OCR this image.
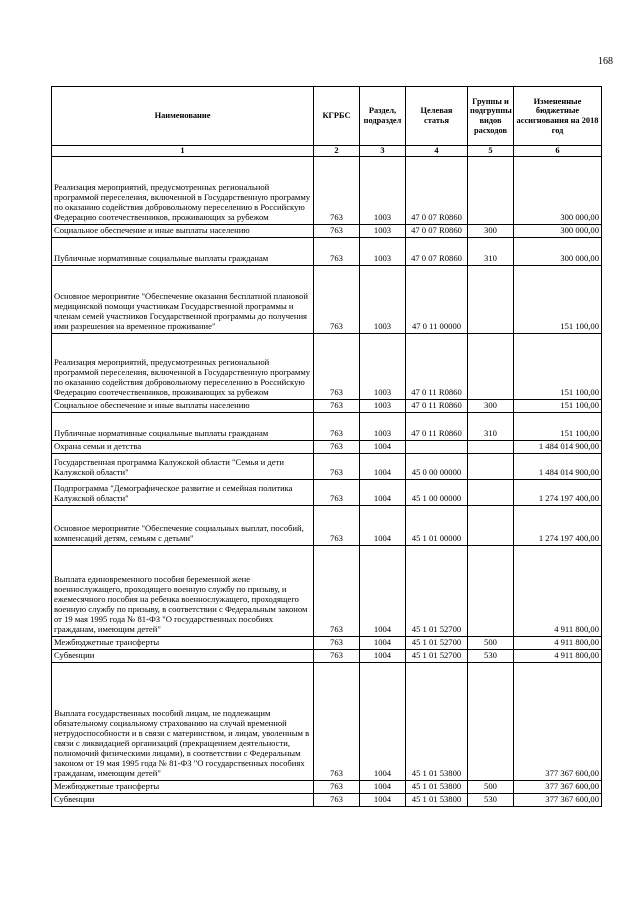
168
Наименование	КГРБС	Раздел, подраздел	Целевая статья	Группы и подгруппы видов расходов	Измененные бюджетные ассигнования на 2018 год
1	2	3	4	5	6
Реализация мероприятий, предусмотренных региональной программой переселения, включенной в Государственную программу по оказанию содействия добровольному переселению в Российскую Федерацию соотечественников, проживающих за рубежом	763	1003	47 0 07 R0860		300 000,00
Социальное обеспечение и иные выплаты населению	763	1003	47 0 07 R0860	300	300 000,00
Публичные нормативные социальные выплаты гражданам	763	1003	47 0 07 R0860	310	300 000,00
Основное мероприятие "Обеспечение оказания бесплатной плановой медицинской помощи участникам Государственной программы и членам семей участников Государственной программы до получения ими разрешения на временное проживание"	763	1003	47 0 11 00000		151 100,00
Реализация мероприятий, предусмотренных региональной программой переселения, включенной в Государственную программу по оказанию содействия добровольному переселению в Российскую Федерацию соотечественников, проживающих за рубежом	763	1003	47 0 11 R0860		151 100,00
Социальное обеспечение и иные выплаты населению	763	1003	47 0 11 R0860	300	151 100,00
Публичные нормативные социальные выплаты гражданам	763	1003	47 0 11 R0860	310	151 100,00
Охрана семьи и детства	763	1004			1 484 014 900,00
Государственная программа Калужской области "Семья и дети Калужской области"	763	1004	45 0 00 00000		1 484 014 900,00
Подпрограмма "Демографическое развитие и семейная политика Калужской области"	763	1004	45 1 00 00000		1 274 197 400,00
Основное мероприятие "Обеспечение социальных выплат, пособий, компенсаций детям, семьям с детьми"	763	1004	45 1 01 00000		1 274 197 400,00
Выплата единовременного пособия беременной жене военнослужащего, проходящего военную службу по призыву, и ежемесячного пособия на ребенка военнослужащего, проходящего военную службу по призыву, в соответствии с Федеральным законом от 19 мая 1995 года № 81-ФЗ "О государственных пособиях гражданам, имеющим детей"	763	1004	45 1 01 52700		4 911 800,00
Межбюджетные трансферты	763	1004	45 1 01 52700	500	4 911 800,00
Субвенции	763	1004	45 1 01 52700	530	4 911 800,00
Выплата государственных пособий лицам, не подлежащим обязательному социальному страхованию на случай временной нетрудоспособности и в связи с материнством, и лицам, уволенным в связи с ликвидацией организаций (прекращением деятельности, полномочий физическими лицами), в соответствии с Федеральным законом от 19 мая 1995 года № 81-ФЗ "О государственных пособиях гражданам, имеющим детей"	763	1004	45 1 01 53800		377 367 600,00
Межбюджетные трансферты	763	1004	45 1 01 53800	500	377 367 600,00
Субвенции	763	1004	45 1 01 53800	530	377 367 600,00
